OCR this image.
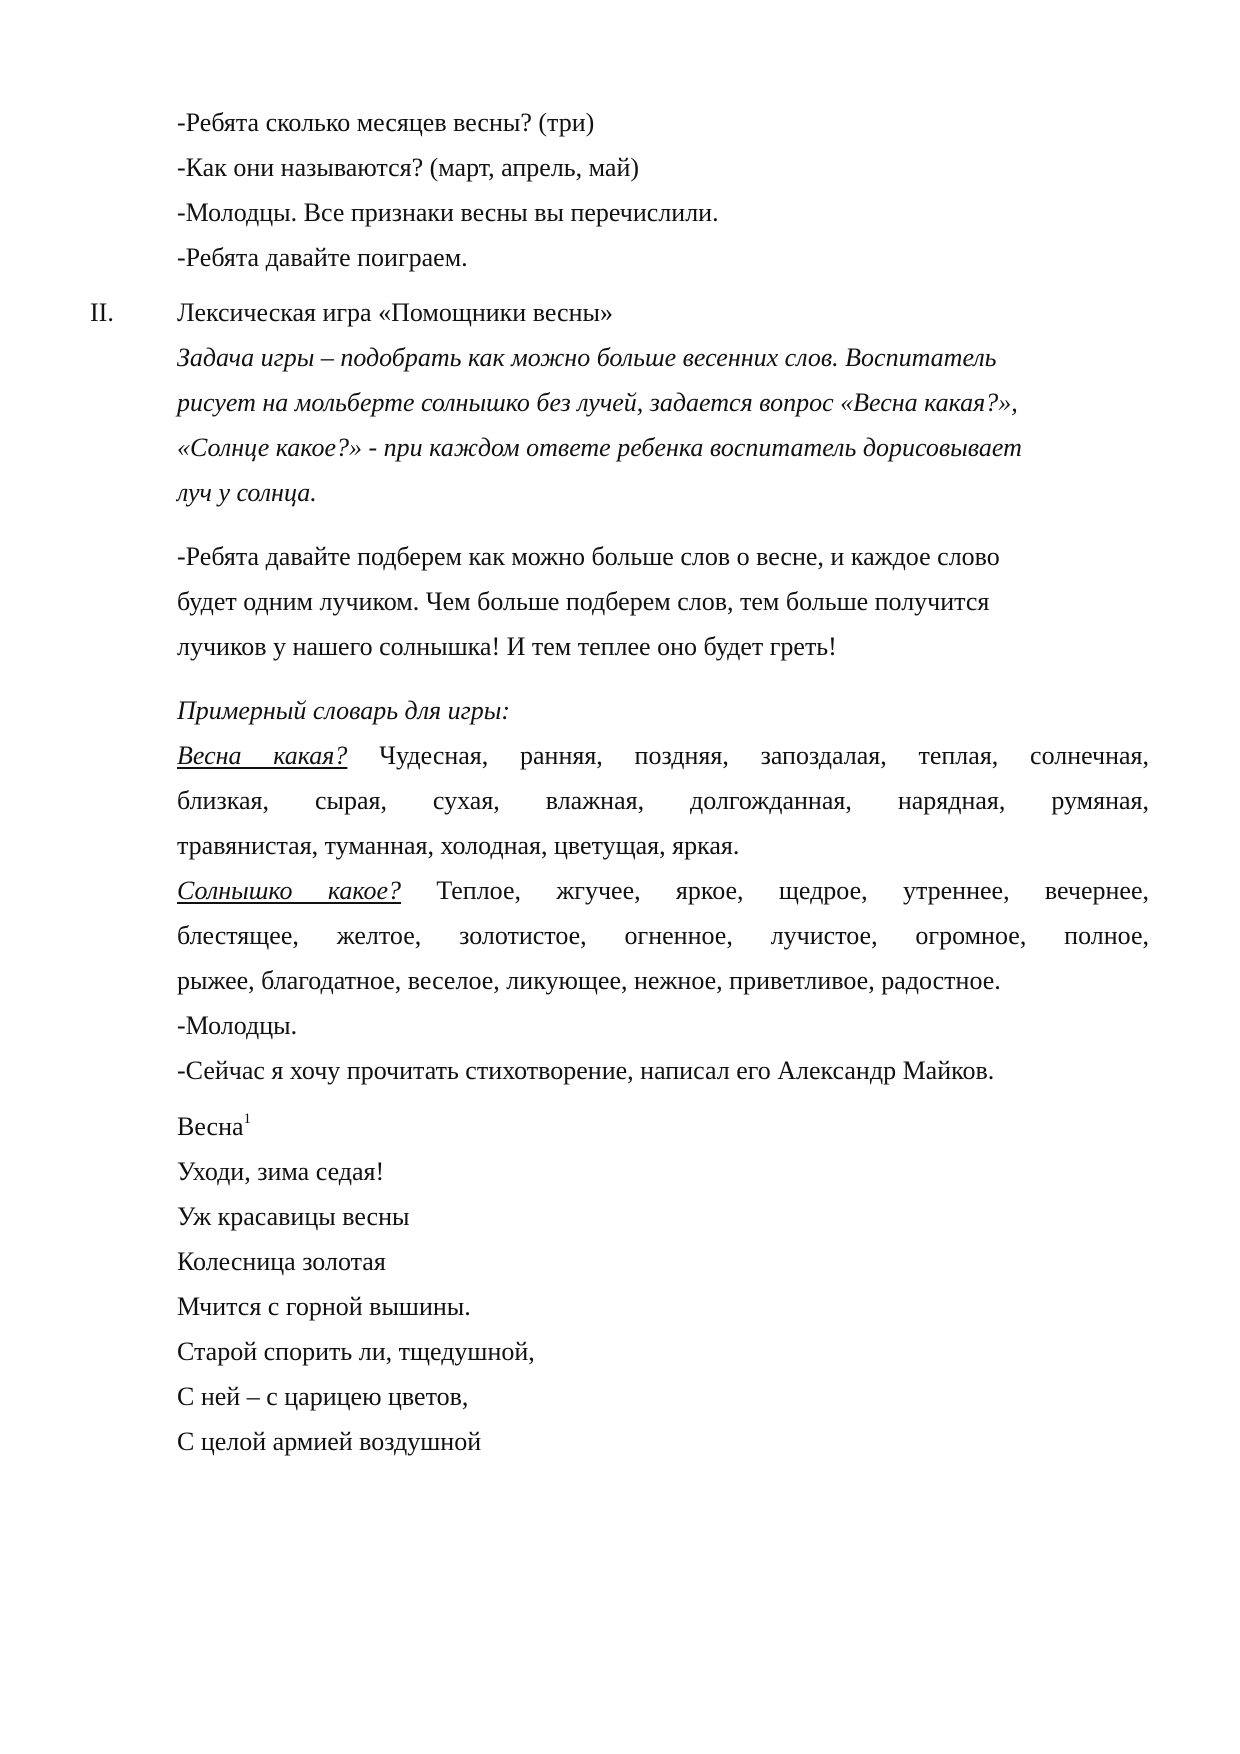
-Ребята сколько месяцев весны? (три)
-Как они называются? (март, апрель, май)
-Молодцы. Все признаки весны вы перечислили.
-Ребята давайте поиграем.
II. Лексическая игра «Помощники весны»
Задача игры – подобрать как можно больше весенних слов. Воспитатель
рисует на мольберте солнышко без лучей, задается вопрос «Весна какая?»,
«Солнце какое?» - при каждом ответе ребенка воспитатель дорисовывает
луч у солнца.
-Ребята давайте подберем как можно больше слов о весне, и каждое слово
будет одним лучиком. Чем больше подберем слов, тем больше получится
лучиков у нашего солнышка! И тем теплее оно будет греть!
Примерный словарь для игры:
Весна какая? Чудесная, ранняя, поздняя, запоздалая, теплая, солнечная,
близкая, сырая, сухая, влажная, долгожданная, нарядная, румяная,
травянистая, туманная, холодная, цветущая, яркая.
Солнышко какое? Теплое, жгучее, яркое, щедрое, утреннее, вечернее,
блестящее, желтое, золотистое, огненное, лучистое, огромное, полное,
рыжее, благодатное, веселое, ликующее, нежное, приветливое, радостное.
-Молодцы.
-Сейчас я хочу прочитать стихотворение, написал его Александр Майков.
Весна$^1$
Уходи, зима седая!
Уж красавицы весны
Колесница золотая
Мчится с горной вышины.
Старой спорить ли, тщедушной,
С ней – с царицею цветов,
С целой армией воздушной
